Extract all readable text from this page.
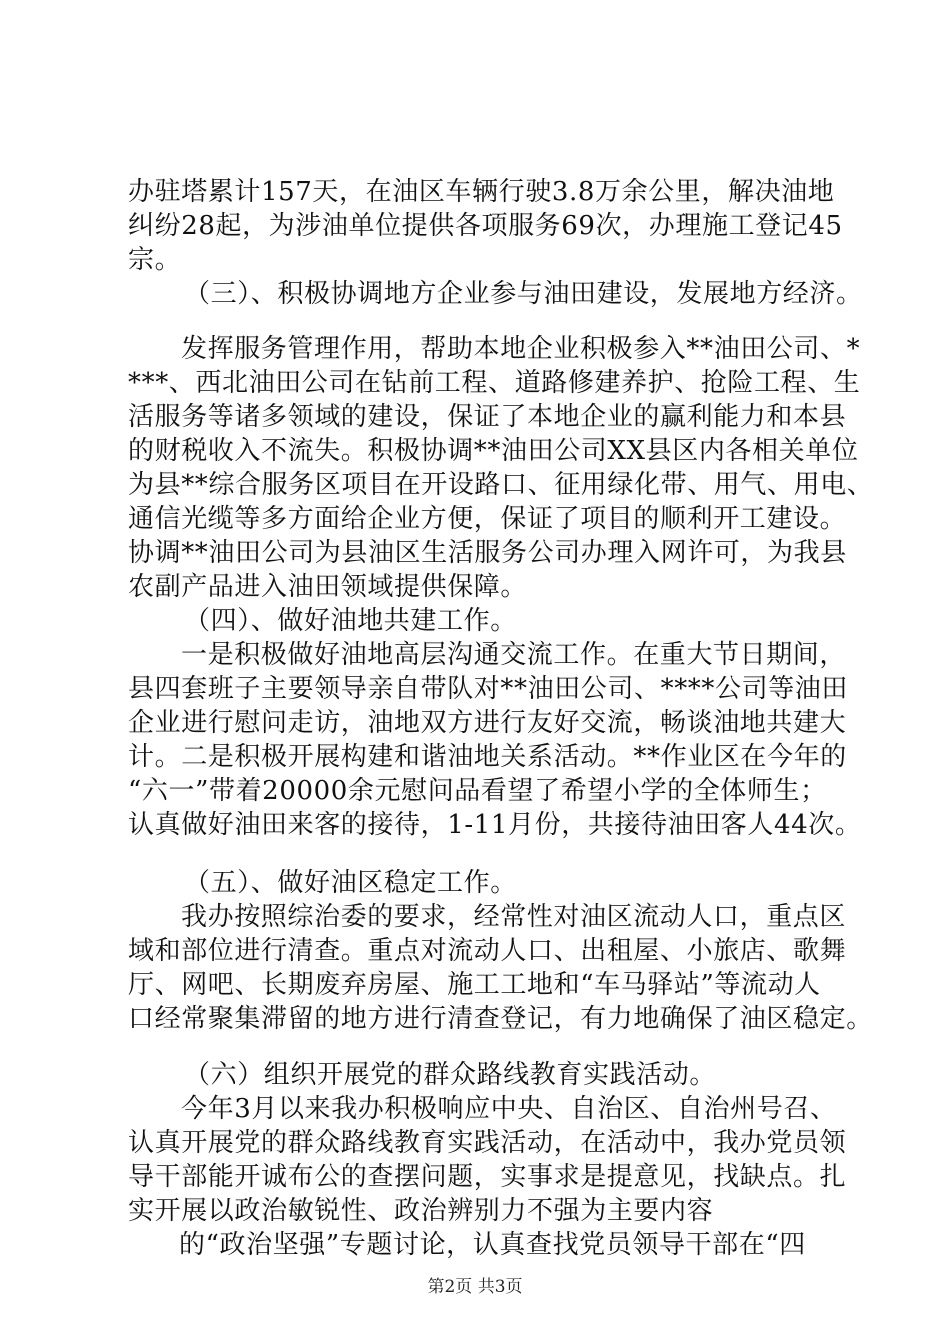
办驻塔累计157天，在油区车辆行驶3.8万余公里，解决油地
纠纷28起，为涉油单位提供各项服务69次，办理施工登记45
宗。
（三）、积极协调地方企业参与油田建设，发展地方经济。
发挥服务管理作用，帮助本地企业积极参入**油田公司、*
***、西北油田公司在钻前工程、道路修建养护、抢险工程、生
活服务等诸多领域的建设，保证了本地企业的赢利能力和本县
的财税收入不流失。积极协调**油田公司XX县区内各相关单位
为县**综合服务区项目在开设路口、征用绿化带、用气、用电、
通信光缆等多方面给企业方便，保证了项目的顺利开工建设。
协调**油田公司为县油区生活服务公司办理入网许可，为我县
农副产品进入油田领域提供保障。
（四）、做好油地共建工作。
一是积极做好油地高层沟通交流工作。在重大节日期间，
县四套班子主要领导亲自带队对**油田公司、****公司等油田
企业进行慰问走访，油地双方进行友好交流，畅谈油地共建大
计。二是积极开展构建和谐油地关系活动。**作业区在今年的
“六一”带着20000余元慰问品看望了希望小学的全体师生；
认真做好油田来客的接待，1-11月份，共接待油田客人44次。
（五）、做好油区稳定工作。
我办按照综治委的要求，经常性对油区流动人口，重点区
域和部位进行清查。重点对流动人口、出租屋、小旅店、歌舞
厅、网吧、长期废弃房屋、施工工地和“车马驿站”等流动人
口经常聚集滞留的地方进行清查登记，有力地确保了油区稳定。
（六）组织开展党的群众路线教育实践活动。
今年3月以来我办积极响应中央、自治区、自治州号召、
认真开展党的群众路线教育实践活动，在活动中，我办党员领
导干部能开诚布公的查摆问题，实事求是提意见，找缺点。扎
实开展以政治敏锐性、政治辨别力不强为主要内容
的“政治坚强”专题讨论，认真查找党员领导干部在“四
第2页 共3页
